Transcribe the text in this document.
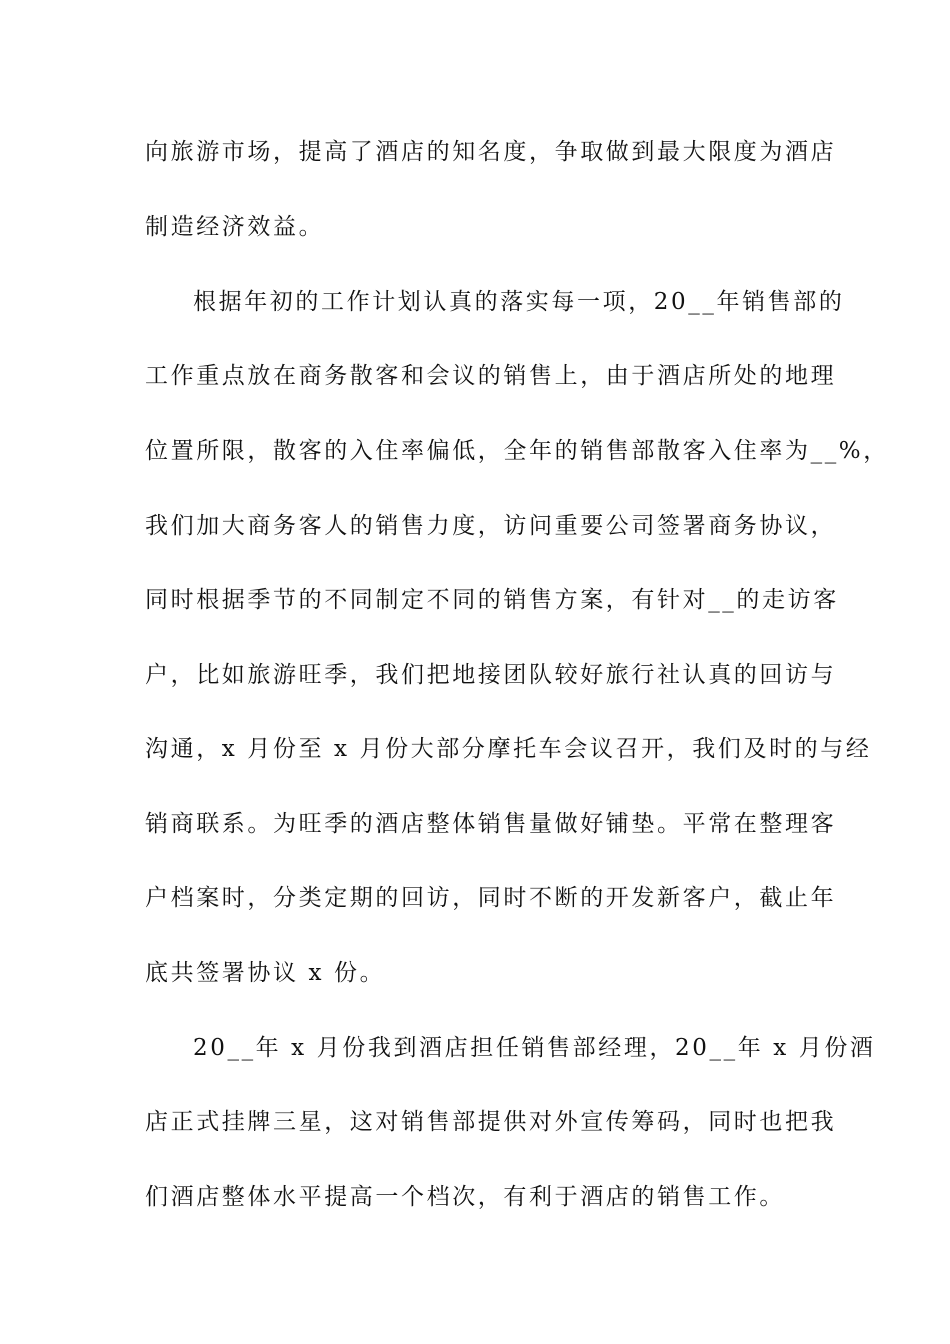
向旅游市场，提高了酒店的知名度，争取做到最大限度为酒店
制造经济效益。
根据年初的工作计划认真的落实每一项，20__年销售部的
工作重点放在商务散客和会议的销售上，由于酒店所处的地理
位置所限，散客的入住率偏低，全年的销售部散客入住率为__%，
我们加大商务客人的销售力度，访问重要公司签署商务协议，
同时根据季节的不同制定不同的销售方案，有针对__的走访客
户，比如旅游旺季，我们把地接团队较好旅行社认真的回访与
沟通，x 月份至 x 月份大部分摩托车会议召开，我们及时的与经
销商联系。为旺季的酒店整体销售量做好铺垫。平常在整理客
户档案时，分类定期的回访，同时不断的开发新客户，截止年
底共签署协议 x 份。
20__年 x 月份我到酒店担任销售部经理，20__年 x 月份酒
店正式挂牌三星，这对销售部提供对外宣传筹码，同时也把我
们酒店整体水平提高一个档次，有利于酒店的销售工作。
